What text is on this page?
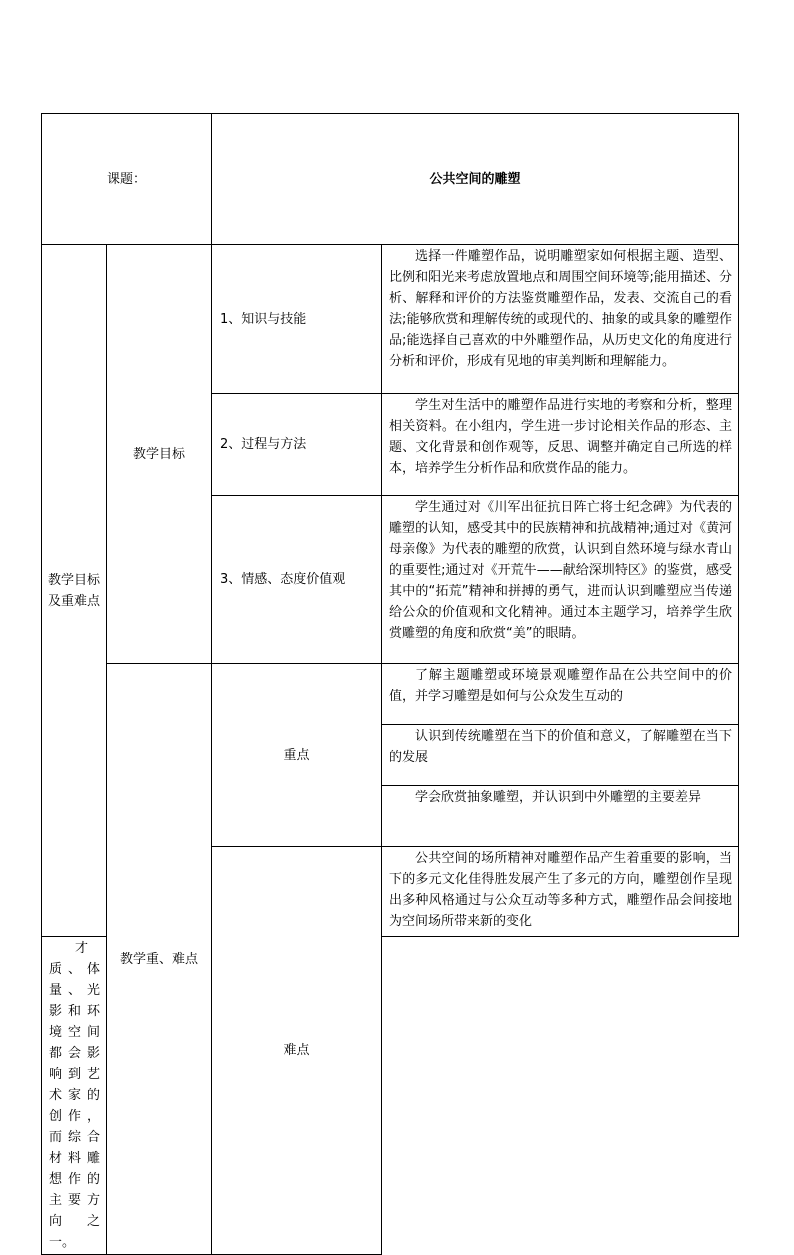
课题：		公共空间的雕塑	
教学目标及重难点	教学目标	1、知识与技能	选择一件雕塑作品，说明雕塑家如何根据主题、造型、比例和阳光来考虑放置地点和周围空间环境等;能用描述、分析、解释和评价的方法鉴赏雕塑作品，发表、交流自己的看法;能够欣赏和理解传统的或现代的、抽象的或具象的雕塑作品;能选择自己喜欢的中外雕塑作品，从历史文化的角度进行分析和评价，形成有见地的审美判断和理解能力。
		2、过程与方法	学生对生活中的雕塑作品进行实地的考察和分析，整理相关资料。在小组内，学生进一步讨论相关作品的形态、主题、文化背景和创作观等，反思、调整并确定自己所选的样本，培养学生分析作品和欣赏作品的能力。
		3、情感、态度价值观	学生通过对《川军出征抗日阵亡将士纪念碑》为代表的雕塑的认知，感受其中的民族精神和抗战精神;通过对《黄河母亲像》为代表的雕塑的欣赏，认识到自然环境与绿水青山的重要性;通过对《开荒牛——献给深圳特区》的鉴赏，感受其中的“拓荒”精神和拼搏的勇气，进而认识到雕塑应当传递给公众的价值观和文化精神。通过本主题学习，培养学生欣赏雕塑的角度和欣赏“美”的眼睛。
	教学重、难点	重点	了解主题雕塑或环境景观雕塑作品在公共空间中的价值，并学习雕塑是如何与公众发生互动的
			认识到传统雕塑在当下的价值和意义，了解雕塑在当下的发展
			学会欣赏抽象雕塑，并认识到中外雕塑的主要差异
		难点	公共空间的场所精神对雕塑作品产生着重要的影响，当下的多元文化佳得胜发展产生了多元的方向，雕塑创作呈现出多种风格通过与公众互动等多种方式，雕塑作品会间接地为空间场所带来新的变化
才质、体量、光影和环境空间都会影响到艺术家的创作，而综合材料雕想作的主要方向之一。			
